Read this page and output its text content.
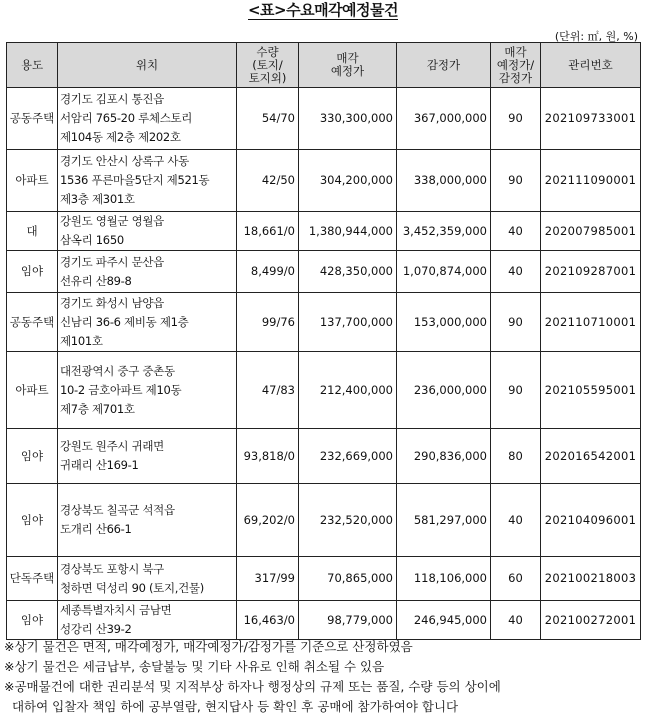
<표>수요매각예정물건
(단위: ㎡, 원, %)
용도	위치	수량
(토지/
토지외)	매각
예정가	감정가	매각
예정가/
감정가	관리번호
공동주택	경기도 김포시 통진읍
서암리 765-20 루체스토리
제104동 제2층 제202호	54/70	330,300,000	367,000,000	90	202109733001
아파트	경기도 안산시 상록구 사동
1536 푸른마을5단지 제521동
제3층 제301호	42/50	304,200,000	338,000,000	90	202111090001
대	강원도 영월군 영월읍
삼옥리 1650	18,661/0	1,380,944,000	3,452,359,000	40	202007985001
임야	경기도 파주시 문산읍
선유리 산89-8	8,499/0	428,350,000	1,070,874,000	40	202109287001
공동주택	경기도 화성시 남양읍
신남리 36-6 제비동 제1층
제101호	99/76	137,700,000	153,000,000	90	202110710001
아파트	대전광역시 중구 중촌동
10-2 금호아파트 제10동
제7층 제701호	47/83	212,400,000	236,000,000	90	202105595001
임야	강원도 원주시 귀래면
귀래리 산169-1	93,818/0	232,669,000	290,836,000	80	202016542001
임야	경상북도 칠곡군 석적읍
도개리 산66-1	69,202/0	232,520,000	581,297,000	40	202104096001
단독주택	경상북도 포항시 북구
청하면 덕성리 90 (토지,건물)	317/99	70,865,000	118,106,000	60	202100218003
임야	세종특별자치시 금남면
성강리 산39-2	16,463/0	98,779,000	246,945,000	40	202100272001
※상기 물건은 면적, 매각예정가, 매각예정가/감정가를 기준으로 산정하였음
※상기 물건은 세금납부, 송달불능 및 기타 사유로 인해 취소될 수 있음
※공매물건에 대한 권리분석 및 지적부상 하자나 행정상의 규제 또는 품질, 수량 등의 상이에
대하여 입찰자 책임 하에 공부열람, 현지답사 등 확인 후 공매에 참가하여야 합니다
